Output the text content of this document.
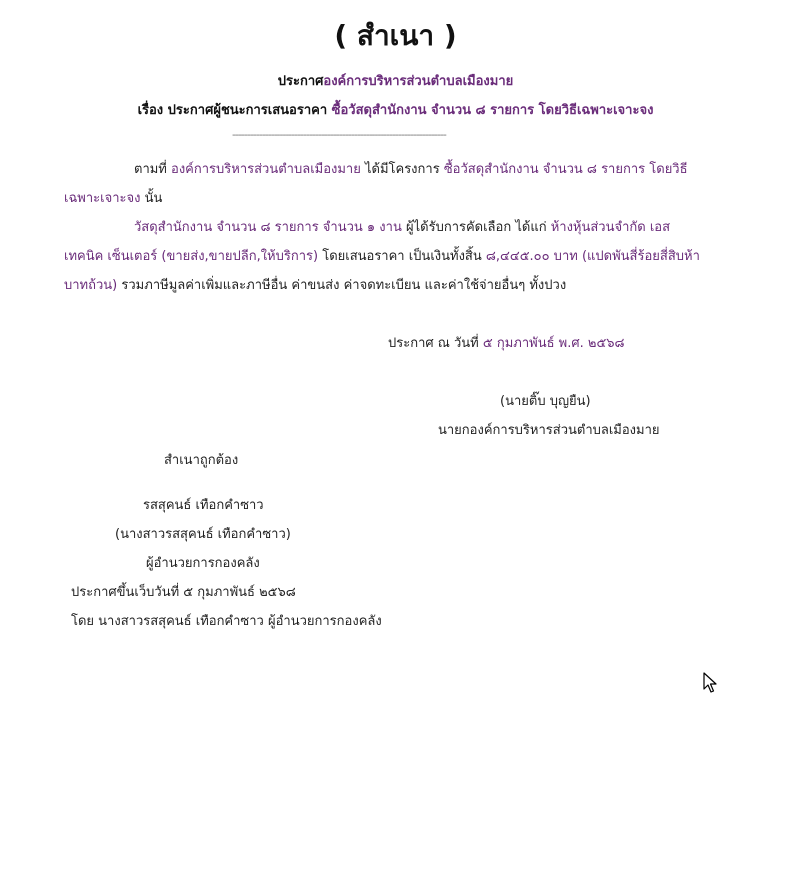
( สำเนา )
ประกาศองค์การบริหารส่วนตำบลเมืองมาย
เรื่อง ประกาศผู้ชนะการเสนอราคา ซื้อวัสดุสำนักงาน จำนวน ๘ รายการ โดยวิธีเฉพาะเจาะจง
------------------------------------------------------------------------
ตามที่ องค์การบริหารส่วนตำบลเมืองมาย ได้มีโครงการ ซื้อวัสดุสำนักงาน จำนวน ๘ รายการ โดยวิธี
เฉพาะเจาะจง นั้น
วัสดุสำนักงาน จำนวน ๘ รายการ จำนวน ๑ งาน ผู้ได้รับการคัดเลือก ได้แก่ ห้างหุ้นส่วนจำกัด เอส
เทคนิค เซ็นเตอร์ (ขายส่ง,ขายปลีก,ให้บริการ) โดยเสนอราคา เป็นเงินทั้งสิ้น ๘,๔๔๕.๐๐ บาท (แปดพันสี่ร้อยสี่สิบห้า
บาทถ้วน) รวมภาษีมูลค่าเพิ่มและภาษีอื่น ค่าขนส่ง ค่าจดทะเบียน และค่าใช้จ่ายอื่นๆ ทั้งปวง
ประกาศ ณ วันที่ ๕ กุมภาพันธ์ พ.ศ. ๒๕๖๘
(นายติ๊บ บุญยืน)
นายกองค์การบริหารส่วนตำบลเมืองมาย
สำเนาถูกต้อง
รสสุคนธ์ เทือกคำซาว
(นางสาวรสสุคนธ์ เทือกคำซาว)
ผู้อำนวยการกองคลัง
ประกาศขึ้นเว็บวันที่ ๕ กุมภาพันธ์ ๒๕๖๘
โดย นางสาวรสสุคนธ์ เทือกคำซาว ผู้อำนวยการกองคลัง
